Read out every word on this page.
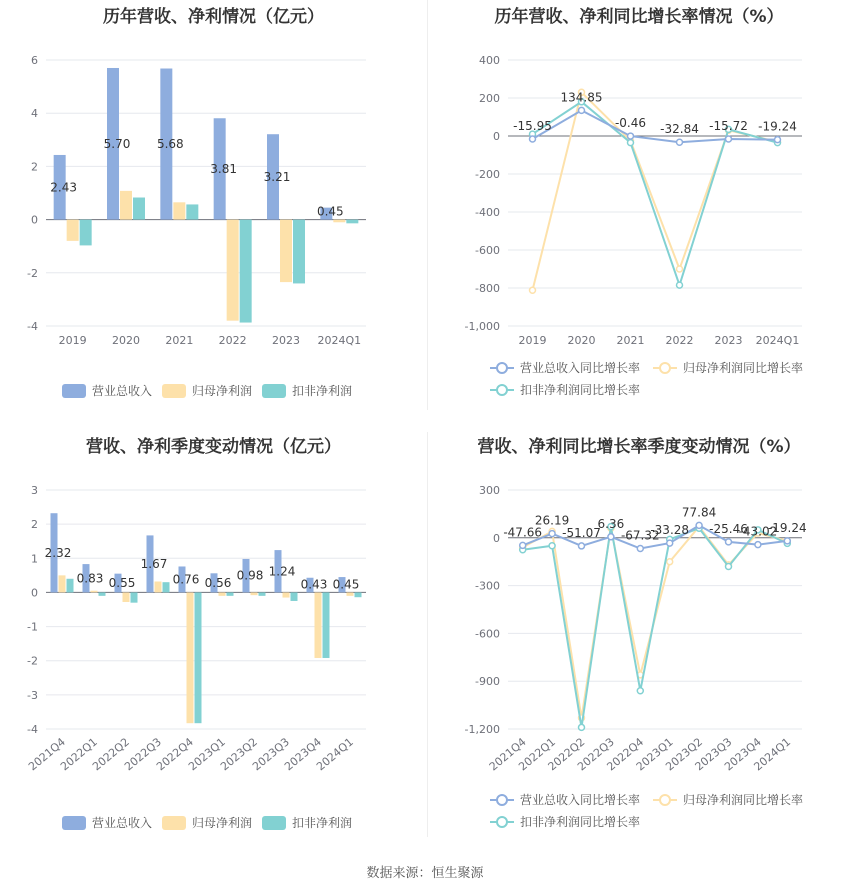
历年营收、净利情况（亿元）
6
4
2
0
-2
-4
2019 2020 2021 2022 2023 2024Q1
2.43
5.70 5.68
3.81
3.21
0.45
营业总收入	归母净利润	扣非净利润
历年营收、净利同比增长率情况（%）
400
200
0
-200
-400
-600
-800
-1,000
2019 2020 2021 2022 2023 2024Q1
-15.95
134.85
-0.46 -32.84 -15.72 -19.24
营业总收入同比增长率	归母净利润同比增长率
扣非净利润同比增长率
营收、净利季度变动情况（亿元）
3
2
1
0
-1
-2
-3
-4
2021Q4
2022Q1
2022Q2
2022Q3
2022Q4
2023Q1
2023Q2
2023Q3
2023Q4
2024Q1
2.32
0.83 0.55
1.67
0.76 0.56
0.98 1.24
0.43 0.45
营业总收入	归母净利润	扣非净利润
营收、净利同比增长率季度变动情况（%）
300
0
-300
-600
-900
-1,200
2021Q4
2022Q1
2022Q2
2022Q3
2022Q4
2023Q1
2023Q2
2023Q3
2023Q4
2024Q1
-47.66
26.19
-51.07
6.36
-67.32
-33.28
77.84
-25.46
-43.02
-19.24
营业总收入同比增长率	归母净利润同比增长率
扣非净利润同比增长率
数据来源：恒生聚源
